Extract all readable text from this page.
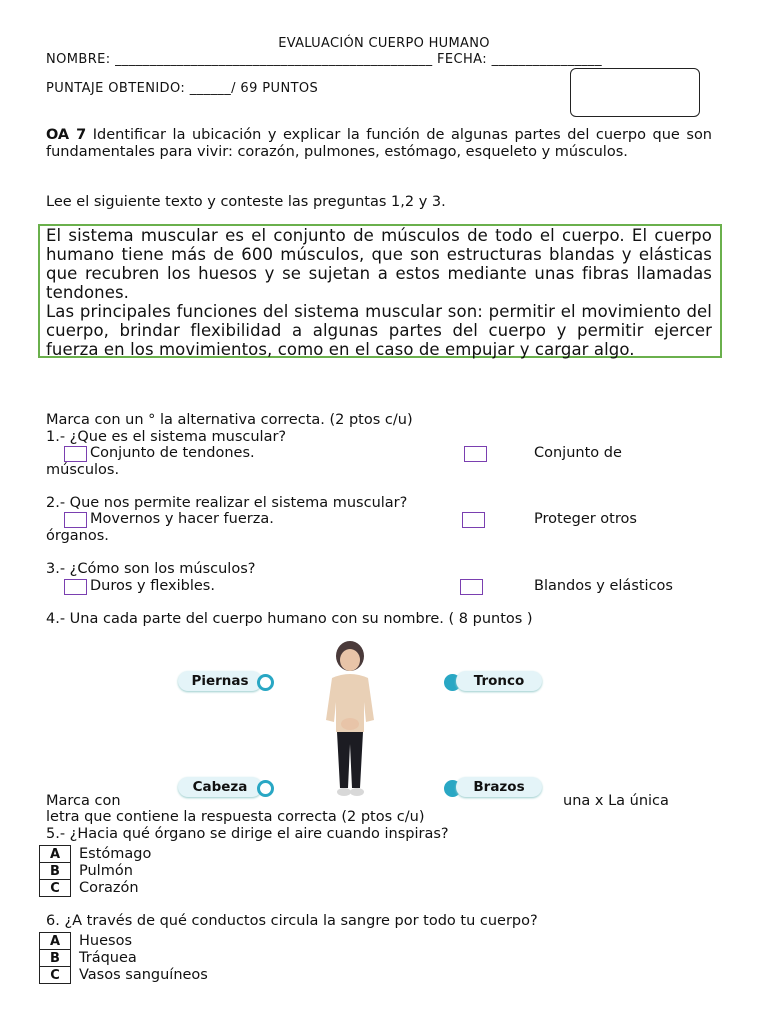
EVALUACIÓN CUERPO HUMANO
NOMBRE: ______________________________________________ FECHA: ________________
PUNTAJE OBTENIDO: ______/ 69 PUNTOS
OA 7 Identificar la ubicación y explicar la función de algunas partes del cuerpo que son fundamentales para vivir: corazón, pulmones, estómago, esqueleto y músculos.
Lee el siguiente texto y conteste las preguntas 1,2 y 3.

El sistema muscular es el conjunto de músculos de todo el cuerpo. El cuerpo humano tiene más de 600 músculos, que son estructuras blandas y elásticas que recubren los huesos y se sujetan a estos mediante unas fibras llamadas tendones.

Las principales funciones del sistema muscular son: permitir el movimiento del cuerpo, brindar flexibilidad a algunas partes del cuerpo y permitir ejercer fuerza en los movimientos, como en el caso de empujar y cargar algo.

Marca con un ° la alternativa correcta. (2 ptos c/u)
1.- ¿Que es el sistema muscular?
Conjunto de tendones.	Conjunto de
músculos.
2.- Que nos permite realizar el sistema muscular?
Movernos y hacer fuerza.	Proteger otros
órganos.
3.- ¿Cómo son los músculos?
Duros y flexibles.	Blandos y elásticos
4.- Una cada parte del cuerpo humano con su nombre. ( 8 puntos )
Piernas	Tronco
Cabeza	Brazos
Marca con	una x La única
letra que contiene la respuesta correcta (2 ptos c/u)
5.- ¿Hacia qué órgano se dirige el aire cuando inspiras?
A	Estómago
B	Pulmón
C	Corazón
6. ¿A través de qué conductos circula la sangre por todo tu cuerpo?
A	Huesos
B	Tráquea
C	Vasos sanguíneos
